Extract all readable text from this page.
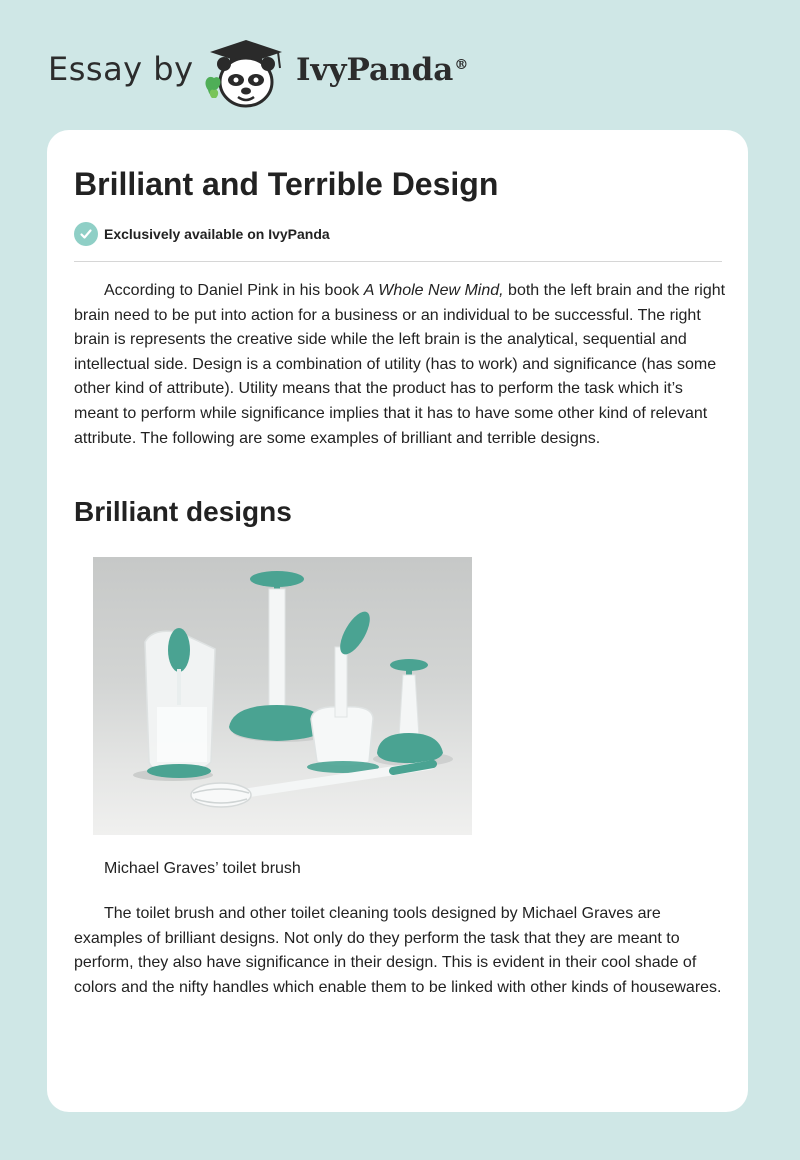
Essay by	IvyPanda®
Brilliant and Terrible Design
Exclusively available on IvyPanda

According to Daniel Pink in his book A Whole New Mind, both the left brain and the right brain need to be put into action for a business or an individual to be successful. The right brain is represents the creative side while the left brain is the analytical, sequential and intellectual side. Design is a combination of utility (has to work) and significance (has some other kind of attribute). Utility means that the product has to perform the task which it’s meant to perform while significance implies that it has to have some other kind of relevant attribute. The following are some examples of brilliant and terrible designs.

Brilliant designs

Michael Graves’ toilet brush

The toilet brush and other toilet cleaning tools designed by Michael Graves are examples of brilliant designs. Not only do they perform the task that they are meant to perform, they also have significance in their design. This is evident in their cool shade of colors and the nifty handles which enable them to be linked with other kinds of housewares.
